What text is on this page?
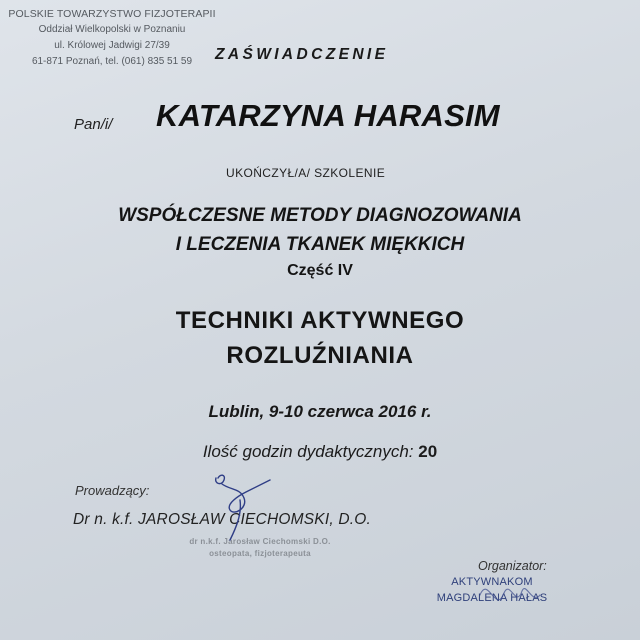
POLSKIE TOWARZYSTWO FIZJOTERAPII
Oddział Wielkopolski w Poznaniu
ul. Królowej Jadwigi 27/39
61-871 Poznań, tel. (061) 835 51 59	ZAŚWIADCZENIE
Pan/i/ KATARZYNA HARASIM
UKOŃCZYŁ/A/ SZKOLENIE
WSPÓŁCZESNE METODY DIAGNOZOWANIA
I LECZENIA TKANEK MIĘKKICH
Część IV
TECHNIKI AKTYWNEGO
ROZLUŹNIANIA
Lublin, 9-10 czerwca 2016 r.
Ilość godzin dydaktycznych: 20
Prowadzący:
Dr n. k.f. JAROSŁAW CIECHOMSKI, D.O.
dr n.k.f. Jarosław Ciechomski D.O.
osteopata, fizjoterapeuta
Organizator:
AKTYWNAKOM
MAGDALENA HAŁAS
